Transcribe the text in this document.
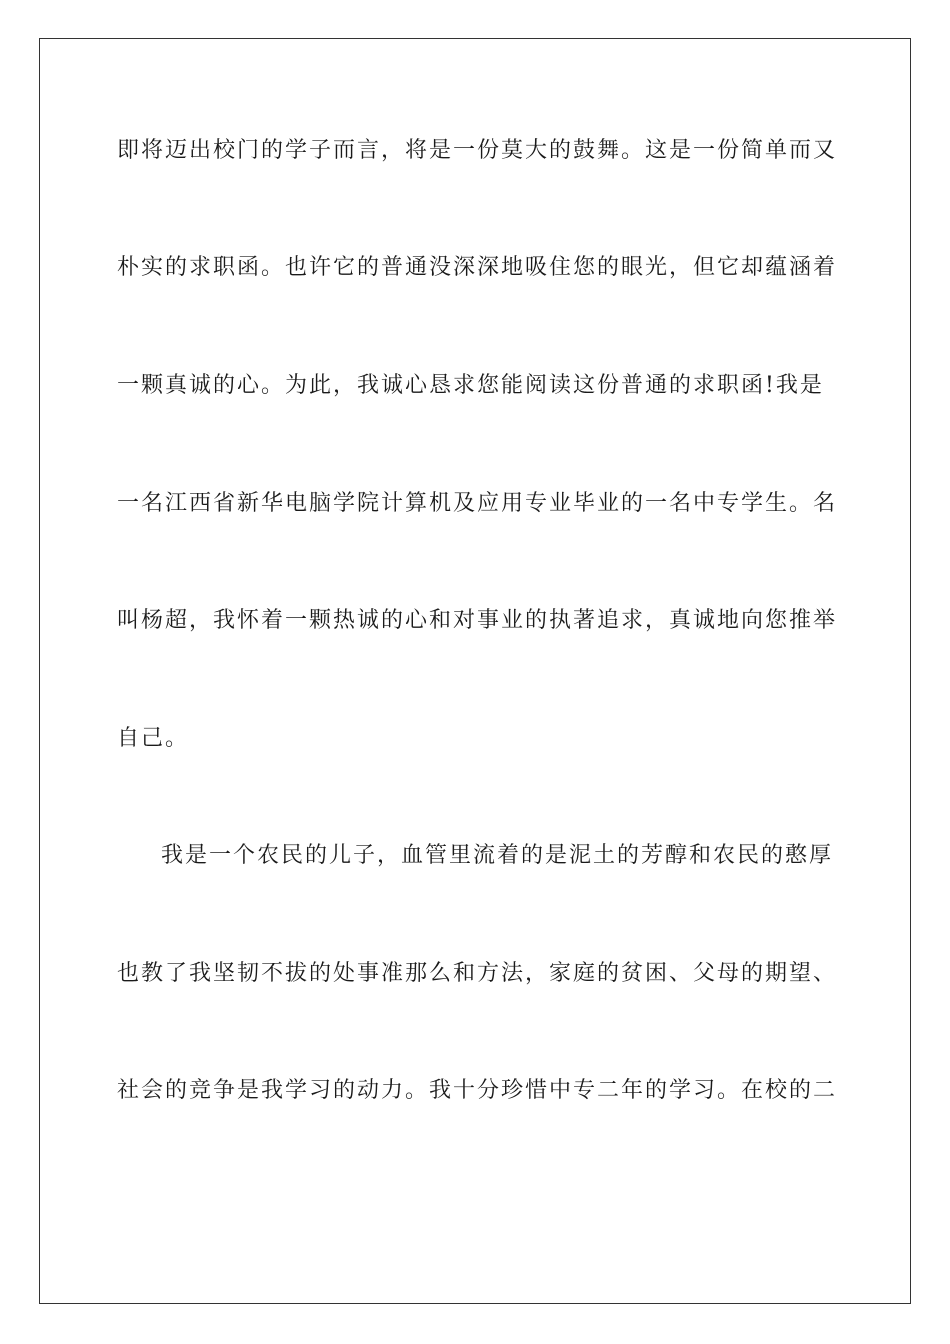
即将迈出校门的学子而言，将是一份莫大的鼓舞。这是一份简单而又

朴实的求职函。也许它的普通没深深地吸住您的眼光，但它却蕴涵着

一颗真诚的心。为此，我诚心恳求您能阅读这份普通的求职函!我是

一名江西省新华电脑学院计算机及应用专业毕业的一名中专学生。名

叫杨超，我怀着一颗热诚的心和对事业的执著追求，真诚地向您推举

自己。

我是一个农民的儿子，血管里流着的是泥土的芳醇和农民的憨厚

也教了我坚韧不拔的处事准那么和方法，家庭的贫困、父母的期望、

社会的竞争是我学习的动力。我十分珍惜中专二年的学习。在校的二
